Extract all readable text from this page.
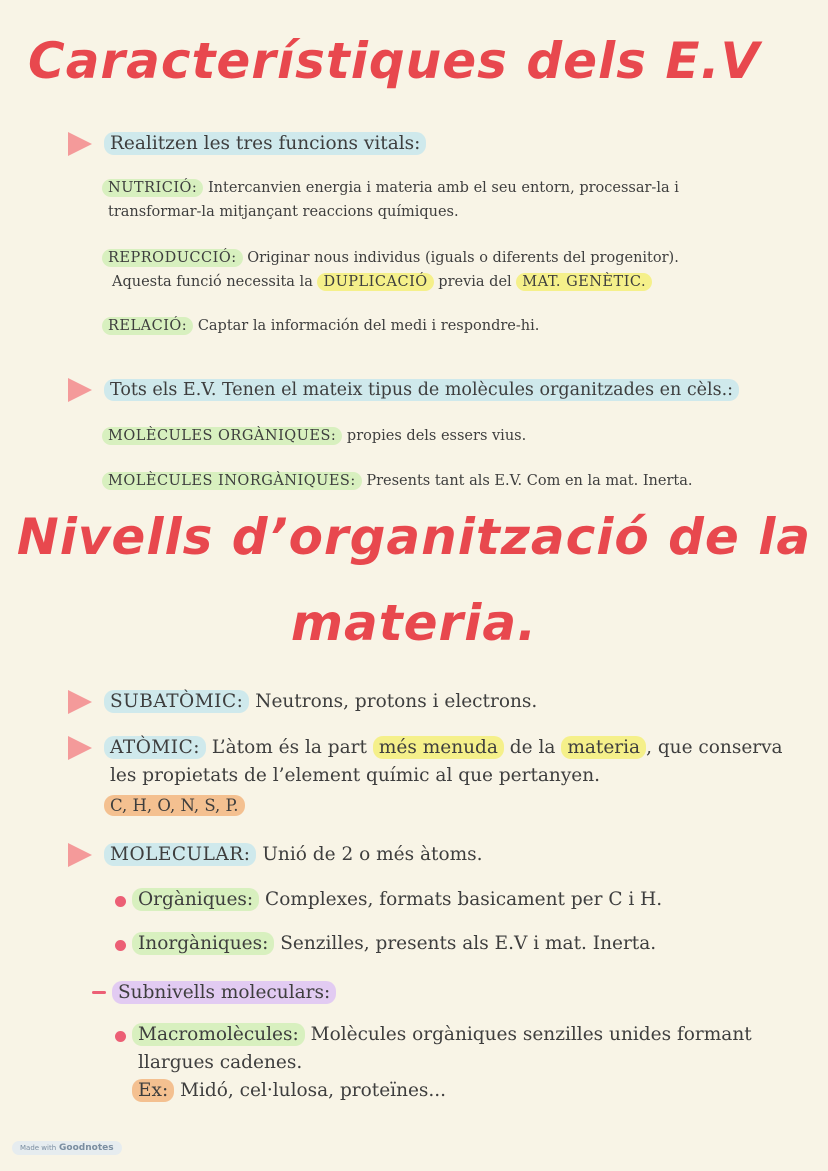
Característiques dels E.V
Realitzen les tres funcions vitals:
NUTRICIÓ: Intercanvien energia i materia amb el seu entorn, processar-la i
transformar-la mitjançant reaccions químiques.
REPRODUCCIÓ: Originar nous individus (iguals o diferents del progenitor).
Aquesta funció necessita la DUPLICACIÓ previa del MAT. GENÈTIC.
RELACIÓ: Captar la información del medi i respondre-hi.
Tots els E.V. Tenen el mateix tipus de molècules organitzades en cèls.:
MOLÈCULES ORGÀNIQUES: propies dels essers vius.
MOLÈCULES INORGÀNIQUES: Presents tant als E.V. Com en la mat. Inerta.
Nivells d’organització de la
materia.
SUBATÒMIC: Neutrons, protons i electrons.
ATÒMIC: L’àtom és la part més menuda de la materia , que conserva
les propietats de l’element químic al que pertanyen.
C, H, O, N, S, P.
MOLECULAR: Unió de 2 o més àtoms.
Orgàniques: Complexes, formats basicament per C i H.
Inorgàniques: Senzilles, presents als E.V i mat. Inerta.
Subnivells moleculars:
Macromolècules: Molècules orgàniques senzilles unides formant
llargues cadenes.
Ex: Midó, cel·lulosa, proteïnes...
Made with Goodnotes
